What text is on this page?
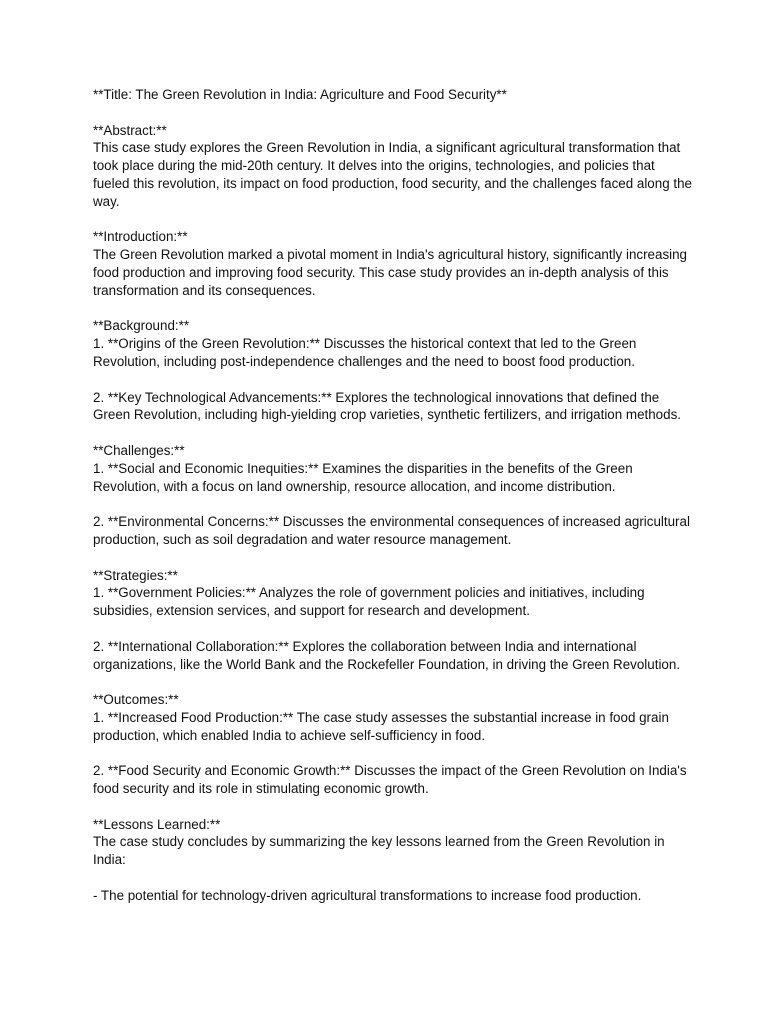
**Title: The Green Revolution in India: Agriculture and Food Security**

**Abstract:**

This case study explores the Green Revolution in India, a significant agricultural transformation that took place during the mid-20th century. It delves into the origins, technologies, and policies that fueled this revolution, its impact on food production, food security, and the challenges faced along the way.

**Introduction:**

The Green Revolution marked a pivotal moment in India's agricultural history, significantly increasing food production and improving food security. This case study provides an in-depth analysis of this transformation and its consequences.

**Background:**

1. **Origins of the Green Revolution:** Discusses the historical context that led to the Green Revolution, including post-independence challenges and the need to boost food production.

2. **Key Technological Advancements:** Explores the technological innovations that defined the Green Revolution, including high-yielding crop varieties, synthetic fertilizers, and irrigation methods.

**Challenges:**

1. **Social and Economic Inequities:** Examines the disparities in the benefits of the Green Revolution, with a focus on land ownership, resource allocation, and income distribution.

2. **Environmental Concerns:** Discusses the environmental consequences of increased agricultural production, such as soil degradation and water resource management.

**Strategies:**

1. **Government Policies:** Analyzes the role of government policies and initiatives, including subsidies, extension services, and support for research and development.

2. **International Collaboration:** Explores the collaboration between India and international organizations, like the World Bank and the Rockefeller Foundation, in driving the Green Revolution.

**Outcomes:**

1. **Increased Food Production:** The case study assesses the substantial increase in food grain production, which enabled India to achieve self-sufficiency in food.

2. **Food Security and Economic Growth:** Discusses the impact of the Green Revolution on India's food security and its role in stimulating economic growth.

**Lessons Learned:**

The case study concludes by summarizing the key lessons learned from the Green Revolution in India:

- The potential for technology-driven agricultural transformations to increase food production.
